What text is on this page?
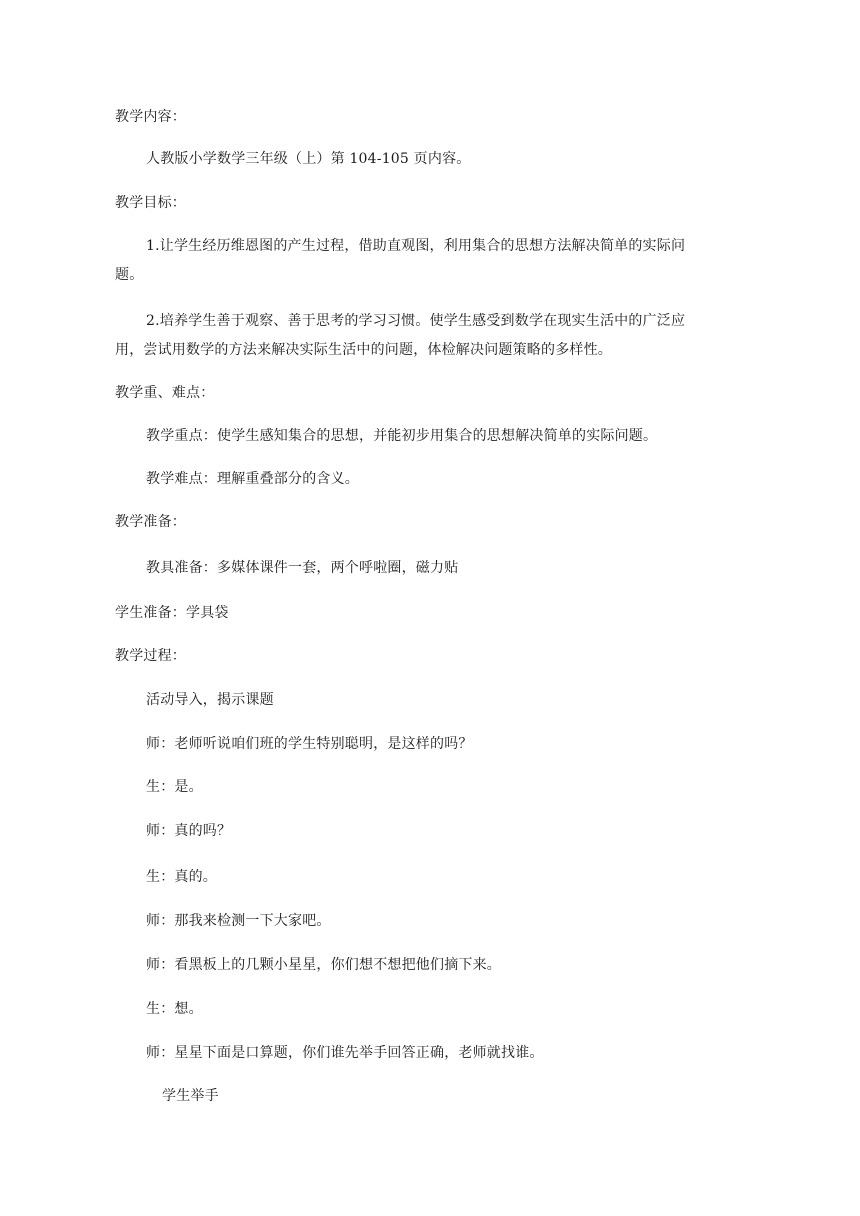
教学内容：
人教版小学数学三年级（上）第 104-105 页内容。
教学目标：
1.让学生经历维恩图的产生过程，借助直观图，利用集合的思想方法解决简单的实际问
题。
2.培养学生善于观察、善于思考的学习习惯。使学生感受到数学在现实生活中的广泛应
用，尝试用数学的方法来解决实际生活中的问题，体检解决问题策略的多样性。
教学重、难点：
教学重点：使学生感知集合的思想，并能初步用集合的思想解决简单的实际问题。
教学难点：理解重叠部分的含义。
教学准备：
教具准备：多媒体课件一套，两个呼啦圈，磁力贴
学生准备：学具袋
教学过程：
活动导入，揭示课题
师：老师听说咱们班的学生特别聪明，是这样的吗？
生：是。
师：真的吗？
生：真的。
师：那我来检测一下大家吧。
师：看黑板上的几颗小星星，你们想不想把他们摘下来。
生：想。
师：星星下面是口算题，你们谁先举手回答正确，老师就找谁。
学生举手
